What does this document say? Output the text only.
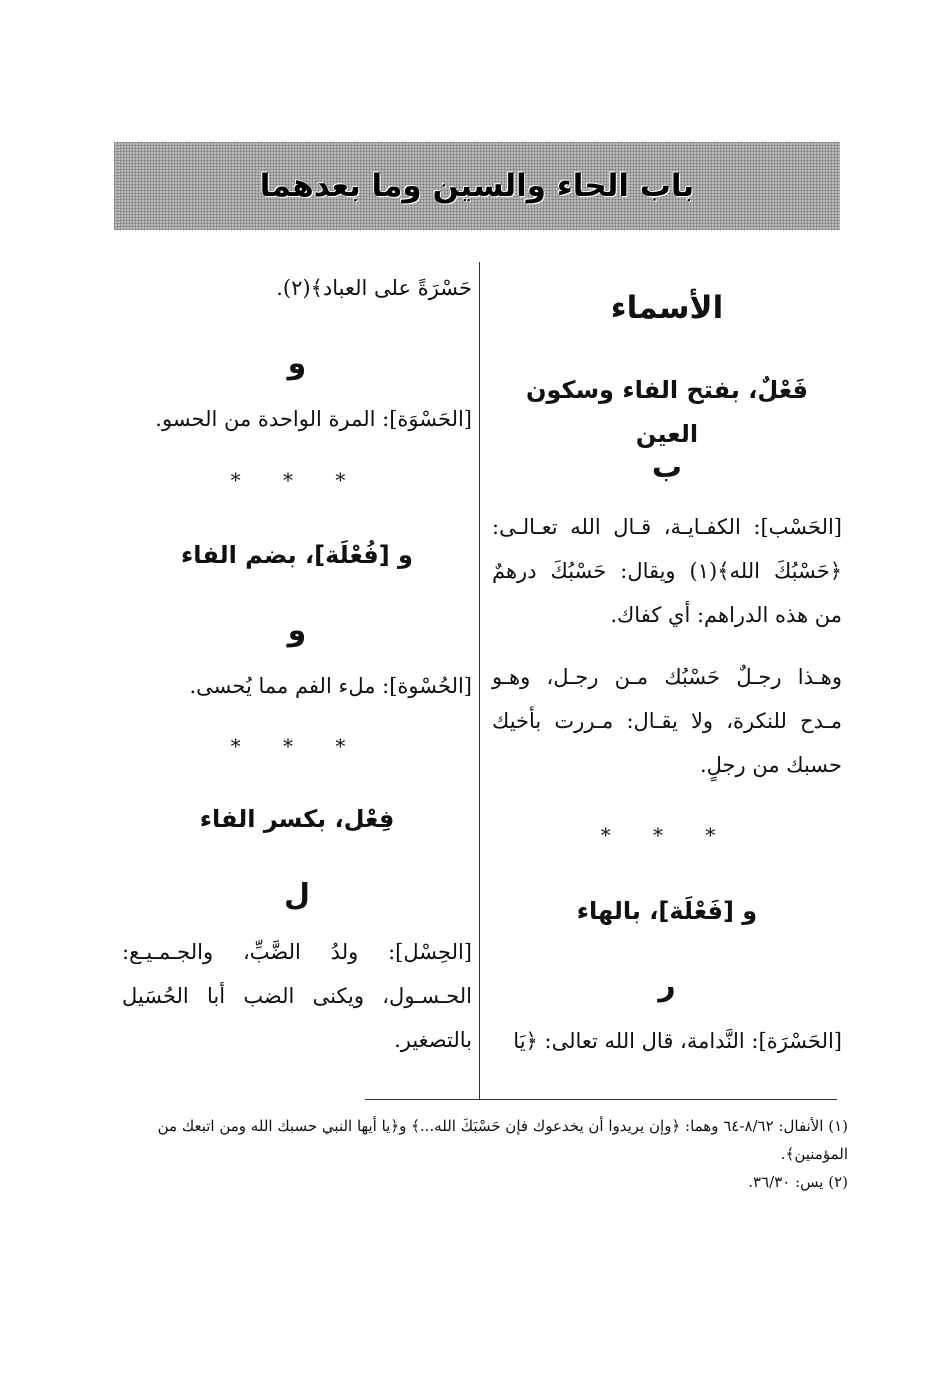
باب الحاء والسين وما بعدهما
الأسماء
فَعْلٌ، بفتح الفاء وسكون العين
ب

[الحَسْب]: الكفـايـة، قـال الله تعـالـى: ﴿حَسْبُكَ الله﴾(١) ويقال: حَسْبُكَ درهمٌ من هذه الدراهم: أي كفاك.

وهـذا رجـلٌ حَسْبُك مـن رجـل، وهـو مـدح للنكرة، ولا يقـال: مـررت بأخيك حسبك من رجلٍ.

* * *
و [فَعْلَة]، بالهاء
ر

[الحَسْرَة]: النَّدامة، قال الله تعالى: ﴿يَا

حَسْرَةً على العباد﴾(٢).

و

[الحَسْوَة]: المرة الواحدة من الحسو.

* * *
و [فُعْلَة]، بضم الفاء
و

[الحُسْوة]: ملء الفم مما يُحسى.

* * *
فِعْل، بكسر الفاء
ل

[الحِسْل]: ولدُ الضَّبِّ، والجـمـيـع: الحـسـول، ويكنى الضب أبا الحُسَيل بالتصغير.

(١) الأنفال: ٨/٦٢-٦٤ وهما: ﴿وإن يريدوا أن يخدعوك فإن حَسْبَكَ الله...﴾ و﴿يا أيها النبي حسبك الله ومن اتبعك من المؤمنين﴾.

(٢) يس: ٣٦/٣٠.
